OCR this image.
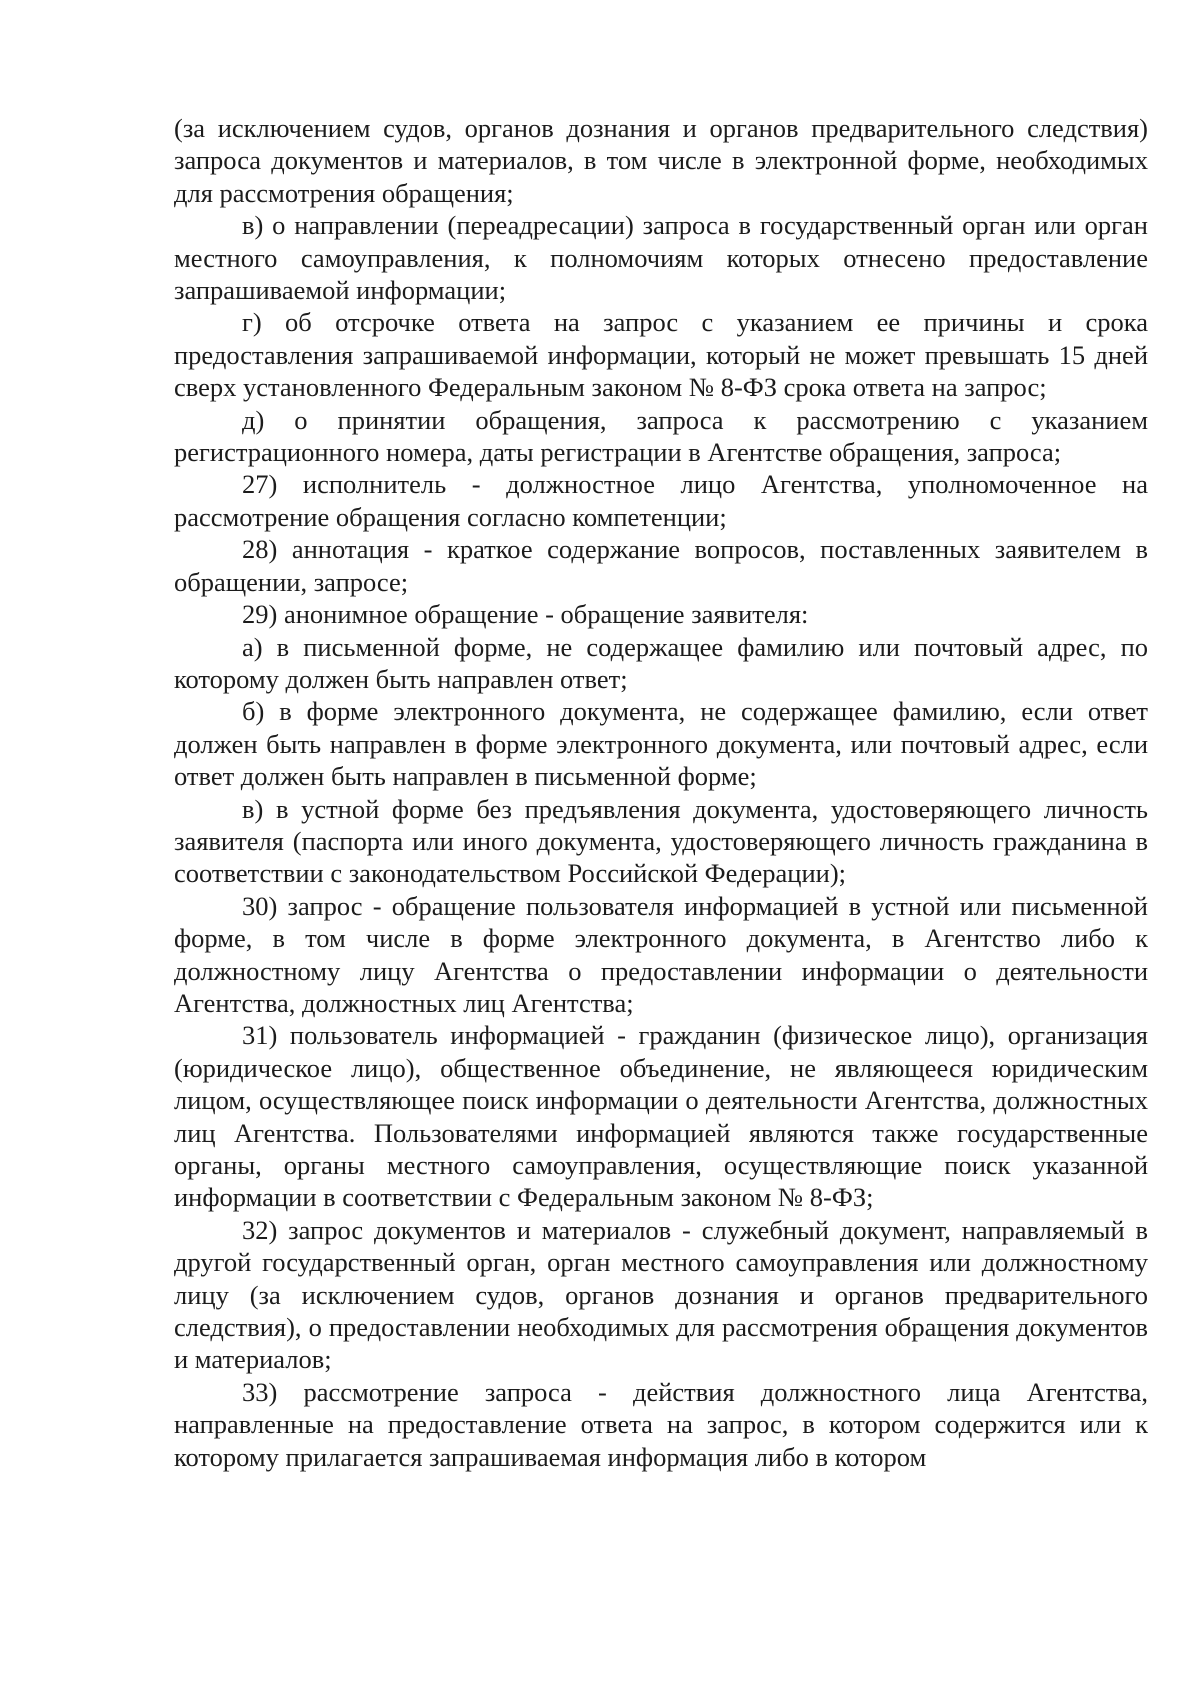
(за исключением судов, органов дознания и органов предварительного следствия) запроса документов и материалов, в том числе в электронной форме, необходимых для рассмотрения обращения;

в) о направлении (переадресации) запроса в государственный орган или орган местного самоуправления, к полномочиям которых отнесено предоставление запрашиваемой информации;

г) об отсрочке ответа на запрос с указанием ее причины и срока предоставления запрашиваемой информации, который не может превышать 15 дней сверх установленного Федеральным законом № 8-ФЗ срока ответа на запрос;

д) о принятии обращения, запроса к рассмотрению с указанием регистрационного номера, даты регистрации в Агентстве обращения, запроса;

27) исполнитель - должностное лицо Агентства, уполномоченное на рассмотрение обращения согласно компетенции;

28) аннотация - краткое содержание вопросов, поставленных заявителем в обращении, запросе;

29) анонимное обращение - обращение заявителя:

а) в письменной форме, не содержащее фамилию или почтовый адрес, по которому должен быть направлен ответ;

б) в форме электронного документа, не содержащее фамилию, если ответ должен быть направлен в форме электронного документа, или почтовый адрес, если ответ должен быть направлен в письменной форме;

в) в устной форме без предъявления документа, удостоверяющего личность заявителя (паспорта или иного документа, удостоверяющего личность гражданина в соответствии с законодательством Российской Федерации);

30) запрос - обращение пользователя информацией в устной или письменной форме, в том числе в форме электронного документа, в Агентство либо к должностному лицу Агентства о предоставлении информации о деятельности Агентства, должностных лиц Агентства;

31) пользователь информацией - гражданин (физическое лицо), организация (юридическое лицо), общественное объединение, не являющееся юридическим лицом, осуществляющее поиск информации о деятельности Агентства, должностных лиц Агентства. Пользователями информацией являются также государственные органы, органы местного самоуправления, осуществляющие поиск указанной информации в соответствии с Федеральным законом № 8-ФЗ;

32) запрос документов и материалов - служебный документ, направляемый в другой государственный орган, орган местного самоуправления или должностному лицу (за исключением судов, органов дознания и органов предварительного следствия), о предоставлении необходимых для рассмотрения обращения документов и материалов;

33) рассмотрение запроса - действия должностного лица Агентства, направленные на предоставление ответа на запрос, в котором содержится или к которому прилагается запрашиваемая информация либо в котором
